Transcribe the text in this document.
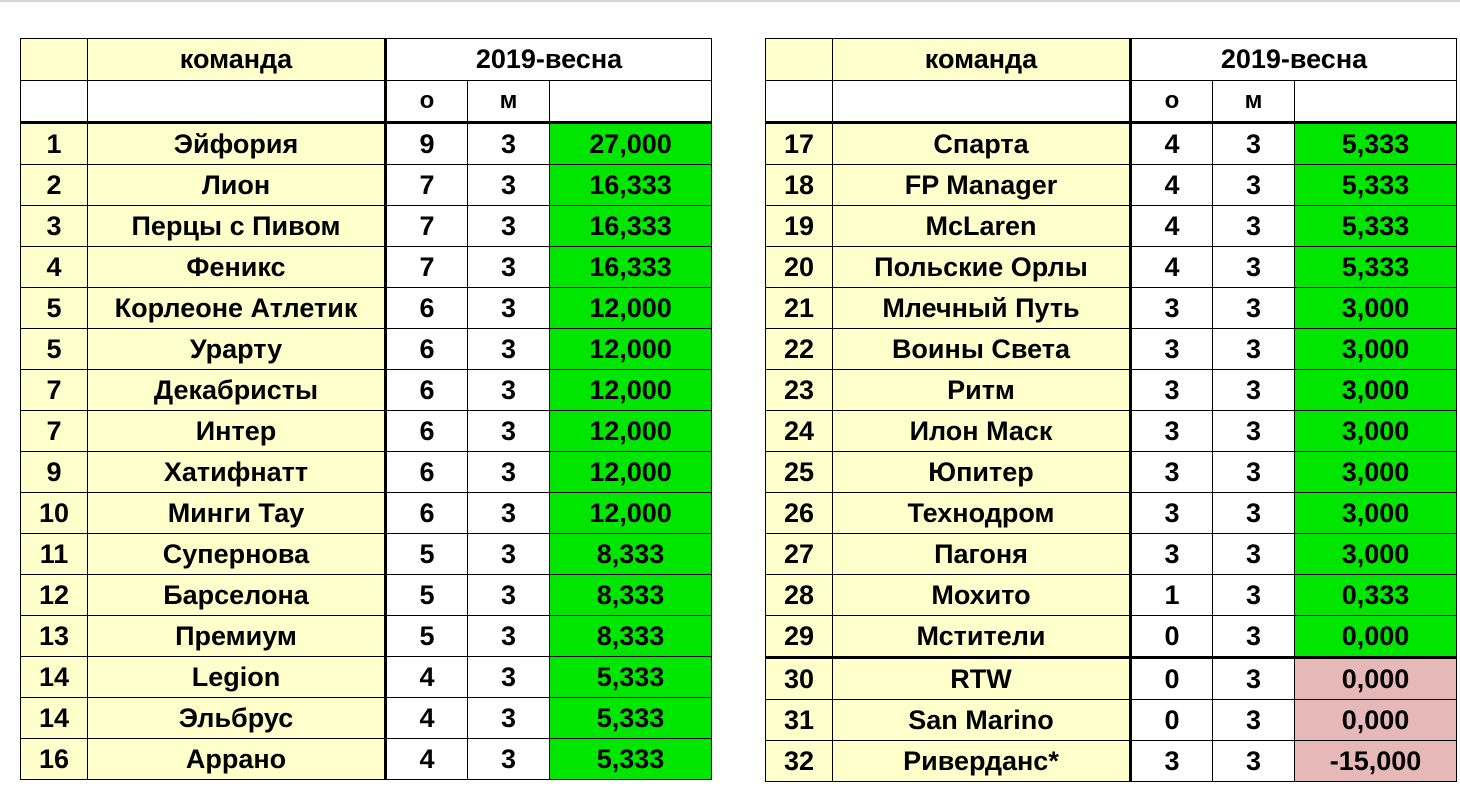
	команда	2019-весна		
		о	м	
1	Эйфория	9	3	27,000
2	Лион	7	3	16,333
3	Перцы с Пивом	7	3	16,333
4	Феникс	7	3	16,333
5	Корлеоне Атлетик	6	3	12,000
5	Урарту	6	3	12,000
7	Декабристы	6	3	12,000
7	Интер	6	3	12,000
9	Хатифнатт	6	3	12,000
10	Минги Тау	6	3	12,000
11	Супернова	5	3	8,333
12	Барселона	5	3	8,333
13	Премиум	5	3	8,333
14	Legion	4	3	5,333
14	Эльбрус	4	3	5,333
16	Аррано	4	3	5,333
	команда	2019-весна		
		о	м	
17	Спарта	4	3	5,333
18	FP Manager	4	3	5,333
19	McLaren	4	3	5,333
20	Польские Орлы	4	3	5,333
21	Млечный Путь	3	3	3,000
22	Воины Света	3	3	3,000
23	Ритм	3	3	3,000
24	Илон Маск	3	3	3,000
25	Юпитер	3	3	3,000
26	Технодром	3	3	3,000
27	Пагоня	3	3	3,000
28	Мохито	1	3	0,333
29	Мстители	0	3	0,000
30	RTW	0	3	0,000
31	San Marino	0	3	0,000
32	Риверданс*	3	3	-15,000
